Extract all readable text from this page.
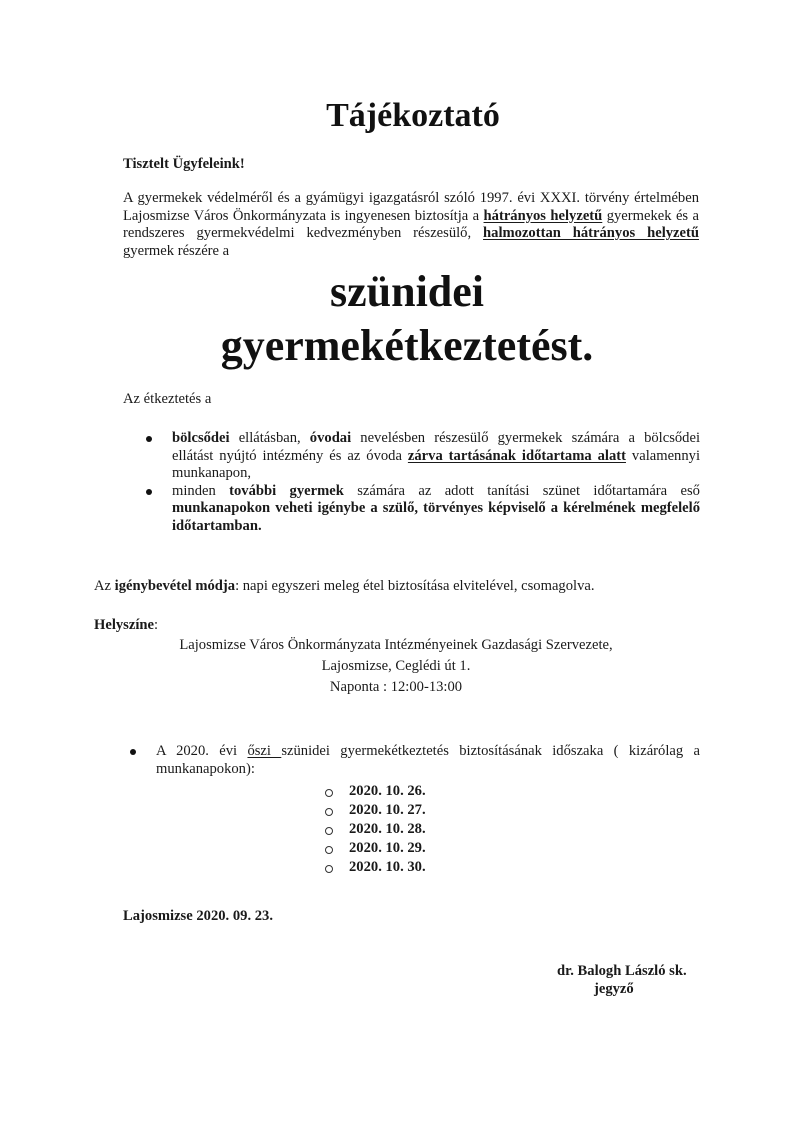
Tájékoztató
Tisztelt Ügyfeleink!
A gyermekek védelméről és a gyámügyi igazgatásról szóló 1997. évi XXXI. törvény értelmében Lajosmizse Város Önkormányzata is ingyenesen biztosítja a hátrányos helyzetű gyermekek és a rendszeres gyermekvédelmi kedvezményben részesülő, halmozottan hátrányos helyzetű gyermek részére a
szünidei
gyermekétkeztetést.
Az étkeztetés a
bölcsődei ellátásban, óvodai nevelésben részesülő gyermekek számára a bölcsődei ellátást nyújtó intézmény és az óvoda zárva tartásának időtartama alatt valamennyi munkanapon,
minden további gyermek számára az adott tanítási szünet időtartamára eső munkanapokon veheti igénybe a szülő, törvényes képviselő a kérelmének megfelelő időtartamban.
Az igénybevétel módja: napi egyszeri meleg étel biztosítása elvitelével, csomagolva.
Helyszíne:
Lajosmizse Város Önkormányzata Intézményeinek Gazdasági Szervezete,
Lajosmizse, Ceglédi út 1.
Naponta : 12:00-13:00
A 2020. évi őszi szünidei gyermekétkeztetés biztosításának időszaka ( kizárólag a munkanapokon):
2020. 10. 26.
2020. 10. 27.
2020. 10. 28.
2020. 10. 29.
2020. 10. 30.
Lajosmizse 2020. 09. 23.
dr. Balogh László sk.
jegyző
